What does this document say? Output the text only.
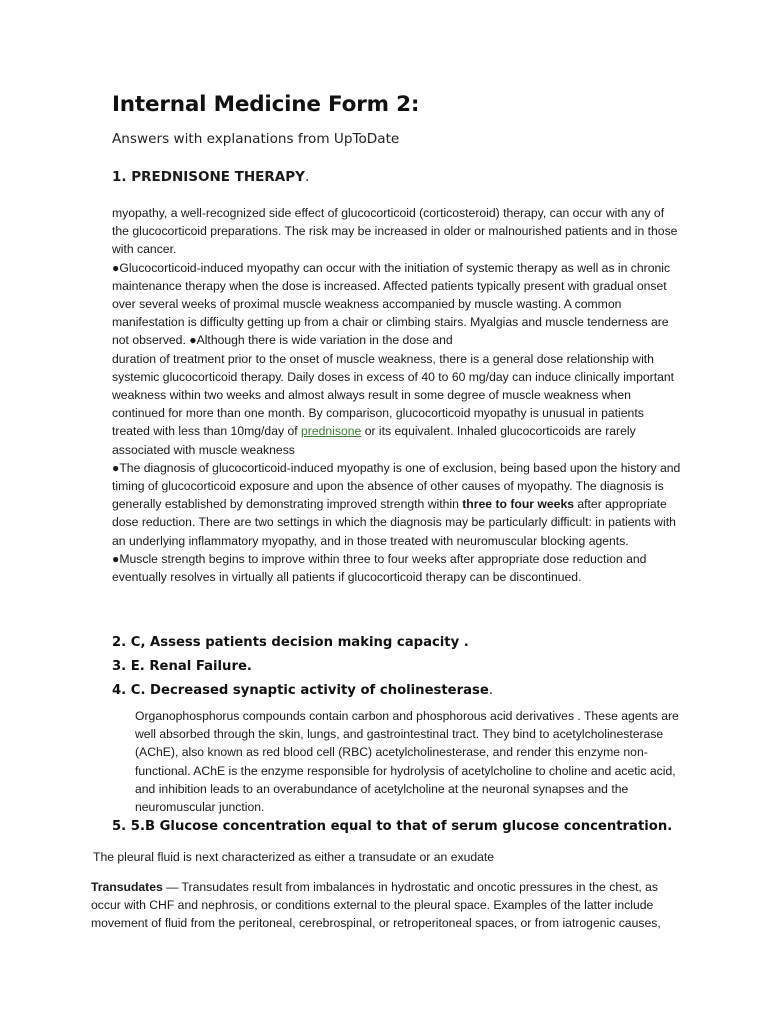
Internal Medicine Form 2:
Answers with explanations from UpToDate
1. PREDNISONE THERAPY.

myopathy, a well-recognized side effect of glucocorticoid (corticosteroid) therapy, can occur with any of the glucocorticoid preparations. The risk may be increased in older or malnourished patients and in those with cancer.

●Glucocorticoid-induced myopathy can occur with the initiation of systemic therapy as well as in chronic maintenance therapy when the dose is increased. Affected patients typically present with gradual onset over several weeks of proximal muscle weakness accompanied by muscle wasting. A common manifestation is difficulty getting up from a chair or climbing stairs. Myalgias and muscle tenderness are not observed. ●Although there is wide variation in the dose and

duration of treatment prior to the onset of muscle weakness, there is a general dose relationship with systemic glucocorticoid therapy. Daily doses in excess of 40 to 60 mg/day can induce clinically important weakness within two weeks and almost always result in some degree of muscle weakness when continued for more than one month. By comparison, glucocorticoid myopathy is unusual in patients treated with less than 10mg/day of prednisone or its equivalent. Inhaled glucocorticoids are rarely associated with muscle weakness

●The diagnosis of glucocorticoid-induced myopathy is one of exclusion, being based upon the history and timing of glucocorticoid exposure and upon the absence of other causes of myopathy. The diagnosis is generally established by demonstrating improved strength within three to four weeks after appropriate dose reduction. There are two settings in which the diagnosis may be particularly difficult: in patients with an underlying inflammatory myopathy, and in those treated with neuromuscular blocking agents.

●Muscle strength begins to improve within three to four weeks after appropriate dose reduction and eventually resolves in virtually all patients if glucocorticoid therapy can be discontinued.

2. C, Assess patients decision making capacity .
3. E. Renal Failure.
4. C. Decreased synaptic activity of cholinesterase.

Organophosphorus compounds contain carbon and phosphorous acid derivatives . These agents are well absorbed through the skin, lungs, and gastrointestinal tract. They bind to acetylcholinesterase (AChE), also known as red blood cell (RBC) acetylcholinesterase, and render this enzyme non-functional. AChE is the enzyme responsible for hydrolysis of acetylcholine to choline and acetic acid, and inhibition leads to an overabundance of acetylcholine at the neuronal synapses and the neuromuscular junction.

5. 5.B Glucose concentration equal to that of serum glucose concentration.
The pleural fluid is next characterized as either a transudate or an exudate

Transudates — Transudates result from imbalances in hydrostatic and oncotic pressures in the chest, as occur with CHF and nephrosis, or conditions external to the pleural space. Examples of the latter include movement of fluid from the peritoneal, cerebrospinal, or retroperitoneal spaces, or from iatrogenic causes,
